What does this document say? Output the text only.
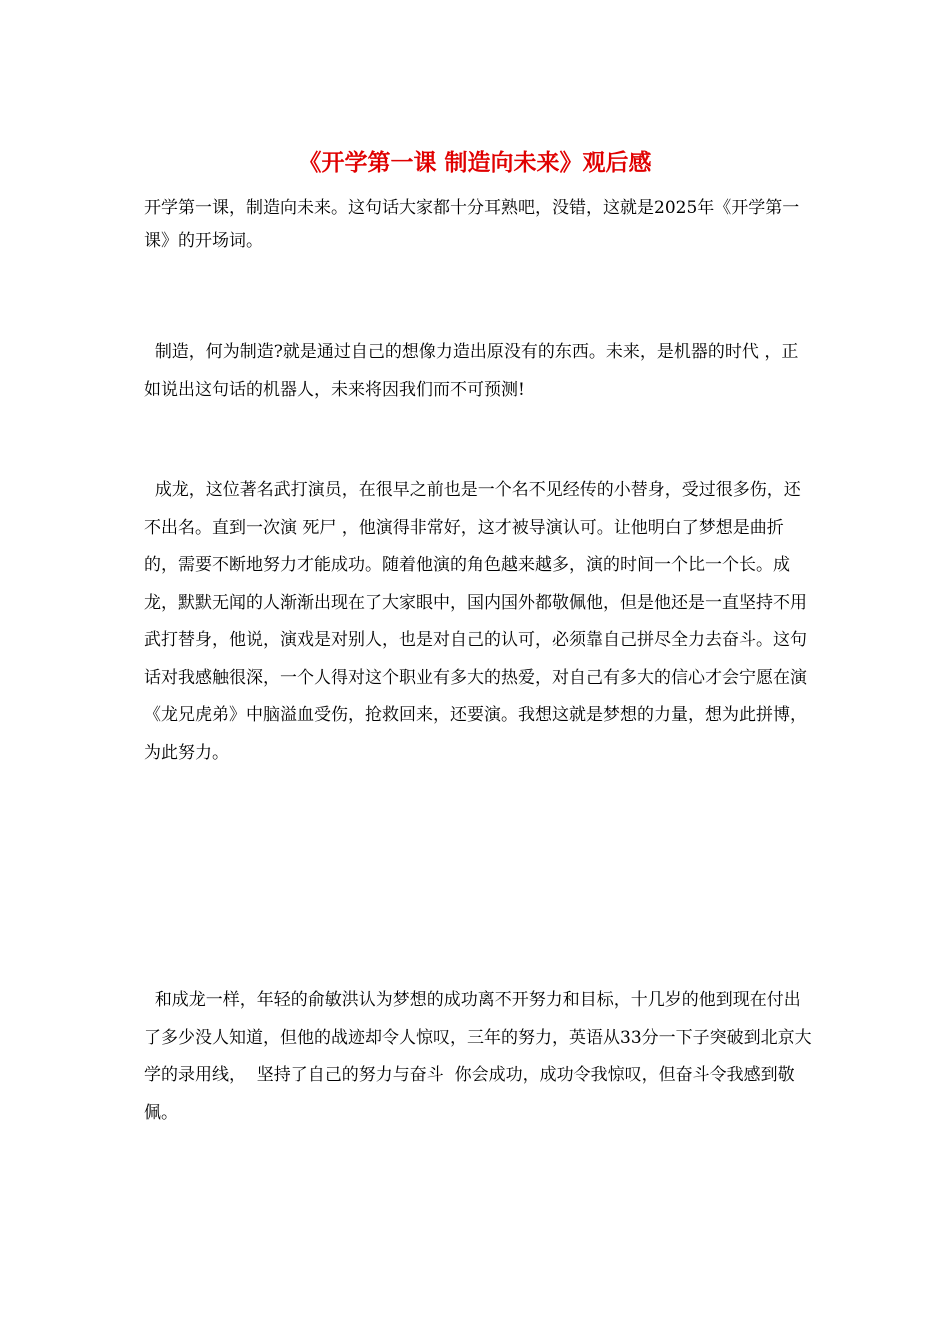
《开学第一课 制造向未来》观后感

开学第一课，制造向未来。这句话大家都十分耳熟吧，没错，这就是2025年《开学第一课》的开场词。

制造，何为制造?就是通过自己的想像力造出原没有的东西。未来，是机器的时代 ，正如说出这句话的机器人，未来将因我们而不可预测!

成龙，这位著名武打演员，在很早之前也是一个名不见经传的小替身，受过很多伤，还不出名。直到一次演 死尸 ，他演得非常好，这才被导演认可。让他明白了梦想是曲折的，需要不断地努力才能成功。随着他演的角色越来越多，演的时间一个比一个长。成龙，默默无闻的人渐渐出现在了大家眼中，国内国外都敬佩他，但是他还是一直坚持不用武打替身，他说，演戏是对别人，也是对自己的认可，必须靠自己拼尽全力去奋斗。这句话对我感触很深，一个人得对这个职业有多大的热爱，对自己有多大的信心才会宁愿在演《龙兄虎弟》中脑溢血受伤，抢救回来，还要演。我想这就是梦想的力量，想为此拼博，为此努力。

和成龙一样，年轻的俞敏洪认为梦想的成功离不开努力和目标，十几岁的他到现在付出了多少没人知道，但他的战迹却令人惊叹，三年的努力，英语从33分一下子突破到北京大学的录用线，  坚持了自己的努力与奋斗  你会成功，成功令我惊叹，但奋斗令我感到敬佩。
